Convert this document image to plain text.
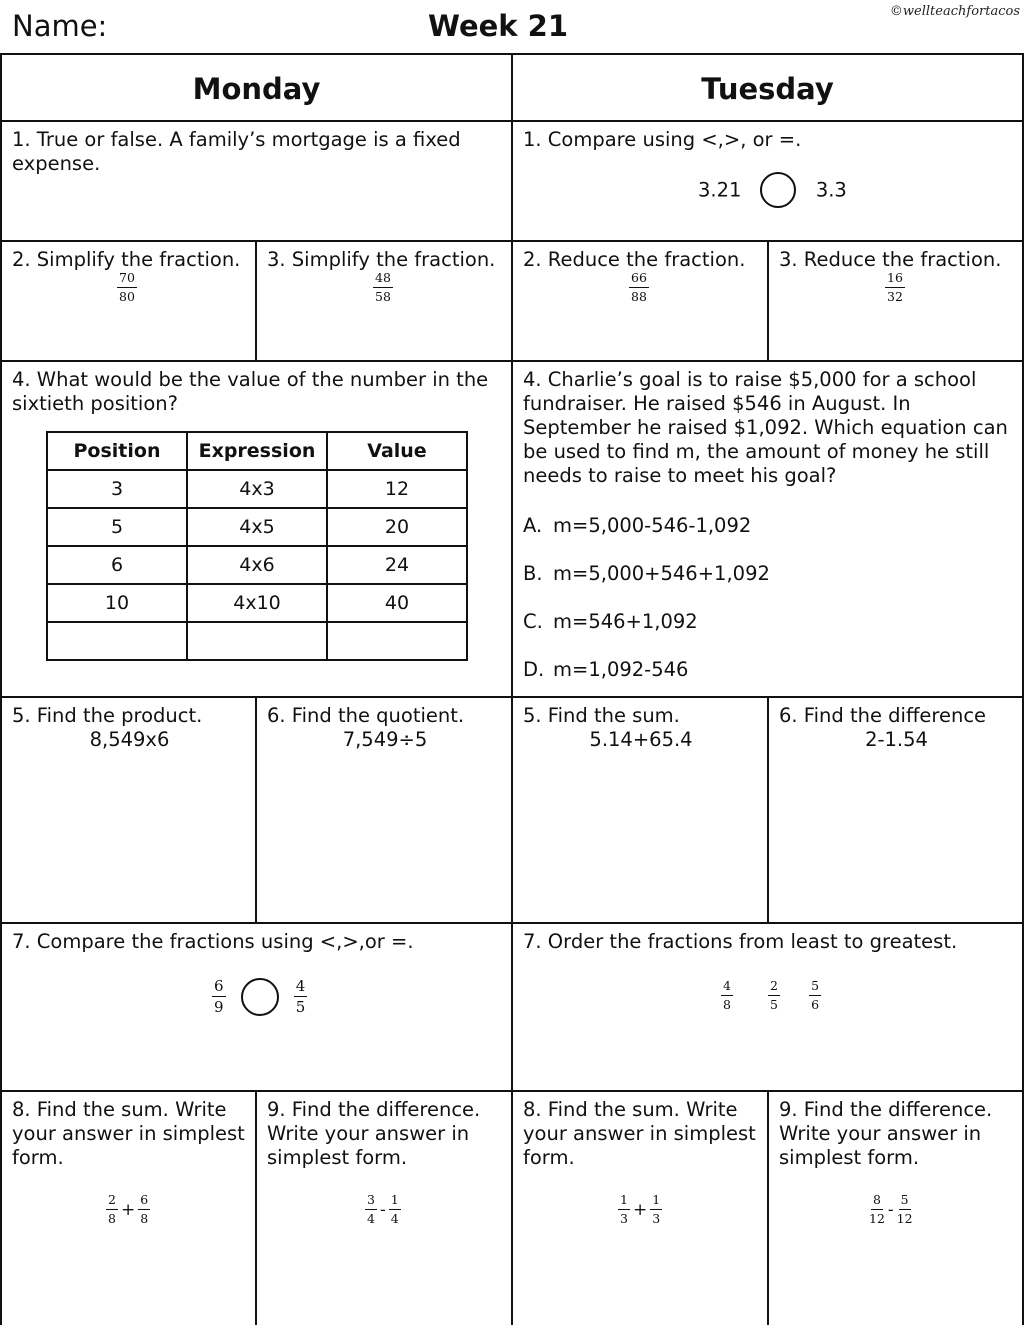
Name:	Week 21	©wellteachfortacos
Monday	Tuesday
1. True or false. A family’s mortgage is a fixed expense.
1. Compare using <,>, or =.
3.21	3.3
2. Simplify the fraction.
$\frac{70}{80}$
3. Simplify the fraction.
$\frac{48}{58}$
2. Reduce the fraction.
$\frac{66}{88}$
3. Reduce the fraction.
$\frac{16}{32}$
4. What would be the value of the number in the sixtieth position?
Position	Expression	Value
3	4x3	12
5	4x5	20
6	4x6	24
10	4x10	40

4. Charlie’s goal is to raise $5,000 for a school fundraiser. He raised $546 in August. In September he raised $1,092. Which equation can be used to find m, the amount of money he still needs to raise to meet his goal?
A. m=5,000-546-1,092
B. m=5,000+546+1,092
C. m=546+1,092
D. m=1,092-546
5. Find the product.
8,549x6
6. Find the quotient.
7,549÷5
5. Find the sum.
5.14+65.4
6. Find the difference
2-1.54
7. Compare the fractions using <,>,or =.
$\frac{6}{9}$
	$\frac{4}{5}$
7. Order the fractions from least to greatest.
$\frac{4}{8}$
	$\frac{2}{5}$
$\frac{5}{6}$
8. Find the sum. Write your answer in simplest form.
$\frac{2}{8} + \frac{6}{8}$
9. Find the difference. Write your answer in simplest form.
$\frac{3}{4} - \frac{1}{4}$
8. Find the sum. Write your answer in simplest form.
$\frac{1}{3} + \frac{1}{3}$
9. Find the difference. Write your answer in simplest form.
$\frac{8}{12} - \frac{5}{12}$
